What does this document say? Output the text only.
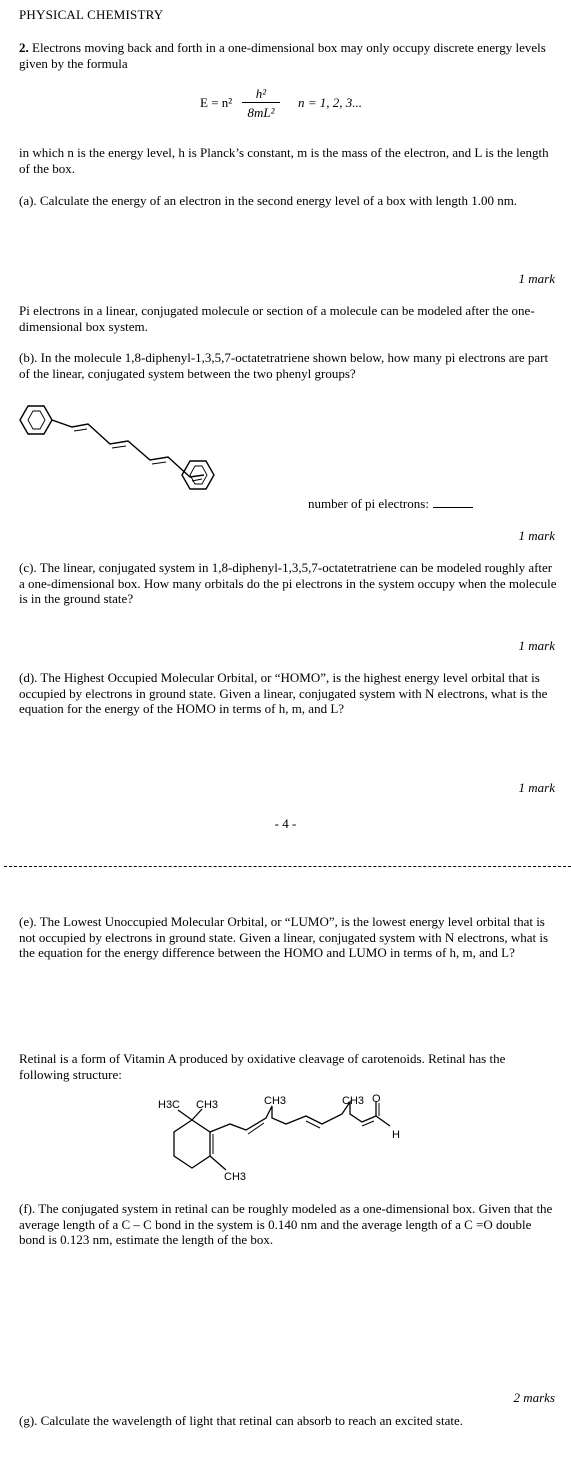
PHYSICAL CHEMISTRY
2. Electrons moving back and forth in a one-dimensional box may only occupy discrete energy levels given by the formula
E = n²
h²
8mL²
n = 1, 2, 3...
in which n is the energy level, h is Planck’s constant, m is the mass of the electron, and L is the length of the box.
(a). Calculate the energy of an electron in the second energy level of a box with length 1.00 nm.
1 mark
Pi electrons in a linear, conjugated molecule or section of a molecule can be modeled after the one-dimensional box system.
(b). In the molecule 1,8-diphenyl-1,3,5,7-octatetratriene shown below, how many pi electrons are part of the linear, conjugated system between the two phenyl groups?
number of pi electrons:
1 mark
(c). The linear, conjugated system in 1,8-diphenyl-1,3,5,7-octatetratriene can be modeled roughly after a one-dimensional box. How many orbitals do the pi electrons in the system occupy when the molecule is in the ground state?
1 mark
(d). The Highest Occupied Molecular Orbital, or “HOMO”, is the highest energy level orbital that is occupied by electrons in ground state. Given a linear, conjugated system with N electrons, what is the equation for the energy of the HOMO in terms of h, m, and L?
1 mark
- 4 -
(e). The Lowest Unoccupied Molecular Orbital, or “LUMO”, is the lowest energy level orbital that is not occupied by electrons in ground state. Given a linear, conjugated system with N electrons, what is the equation for the energy difference between the HOMO and LUMO in terms of h, m, and L?
Retinal is a form of Vitamin A produced by oxidative cleavage of carotenoids. Retinal has the following structure:
H3C CH3	CH3	CH3
CH3
O
H
(f). The conjugated system in retinal can be roughly modeled as a one-dimensional box. Given that the average length of a C – C bond in the system is 0.140 nm and the average length of a C =O double bond is 0.123 nm, estimate the length of the box.
2 marks
(g). Calculate the wavelength of light that retinal can absorb to reach an excited state.
